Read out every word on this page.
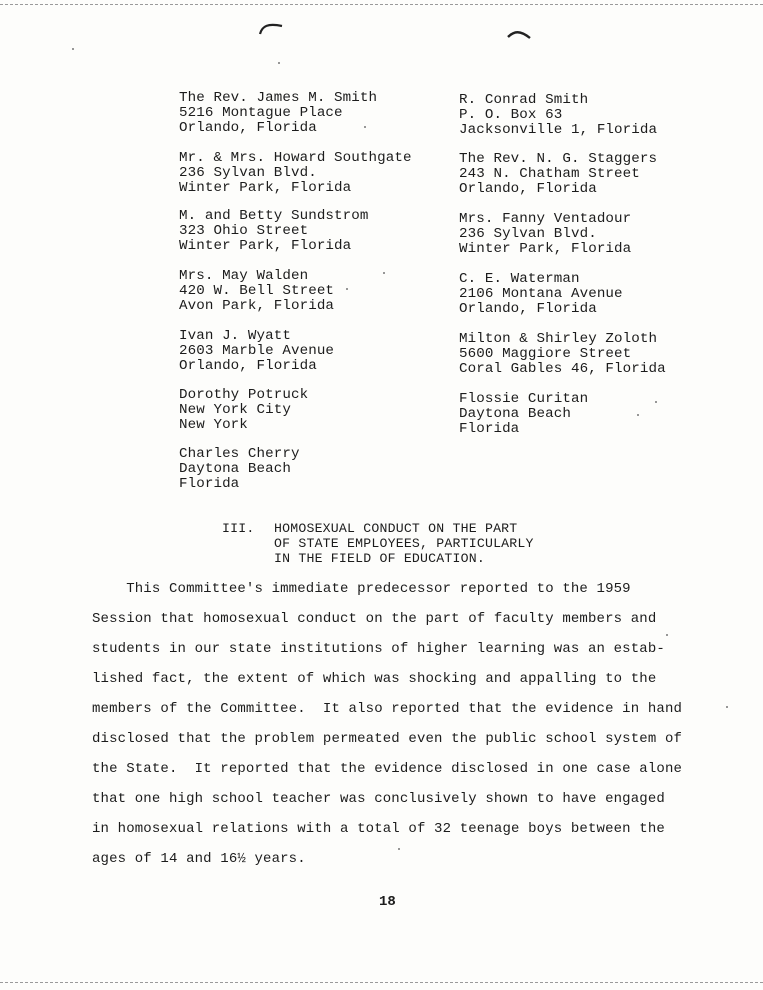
The Rev. James M. Smith
5216 Montague Place
Orlando, Florida
Mr. & Mrs. Howard Southgate
236 Sylvan Blvd.
Winter Park, Florida
M. and Betty Sundstrom
323 Ohio Street
Winter Park, Florida
Mrs. May Walden
420 W. Bell Street
Avon Park, Florida
Ivan J. Wyatt
2603 Marble Avenue
Orlando, Florida
Dorothy Potruck
New York City
New York
Charles Cherry
Daytona Beach
Florida
R. Conrad Smith
P. O. Box 63
Jacksonville 1, Florida
The Rev. N. G. Staggers
243 N. Chatham Street
Orlando, Florida
Mrs. Fanny Ventadour
236 Sylvan Blvd.
Winter Park, Florida
C. E. Waterman
2106 Montana Avenue
Orlando, Florida
Milton & Shirley Zoloth
5600 Maggiore Street
Coral Gables 46, Florida
Flossie Curitan
Daytona Beach
Florida
III. HOMOSEXUAL CONDUCT ON THE PART
OF STATE EMPLOYEES, PARTICULARLY
IN THE FIELD OF EDUCATION.
This Committee's immediate predecessor reported to the 1959
Session that homosexual conduct on the part of faculty members and
students in our state institutions of higher learning was an estab-
lished fact, the extent of which was shocking and appalling to the
members of the Committee.  It also reported that the evidence in hand
disclosed that the problem permeated even the public school system of
the State.  It reported that the evidence disclosed in one case alone
that one high school teacher was conclusively shown to have engaged
in homosexual relations with a total of 32 teenage boys between the
ages of 14 and 16½ years.
18
